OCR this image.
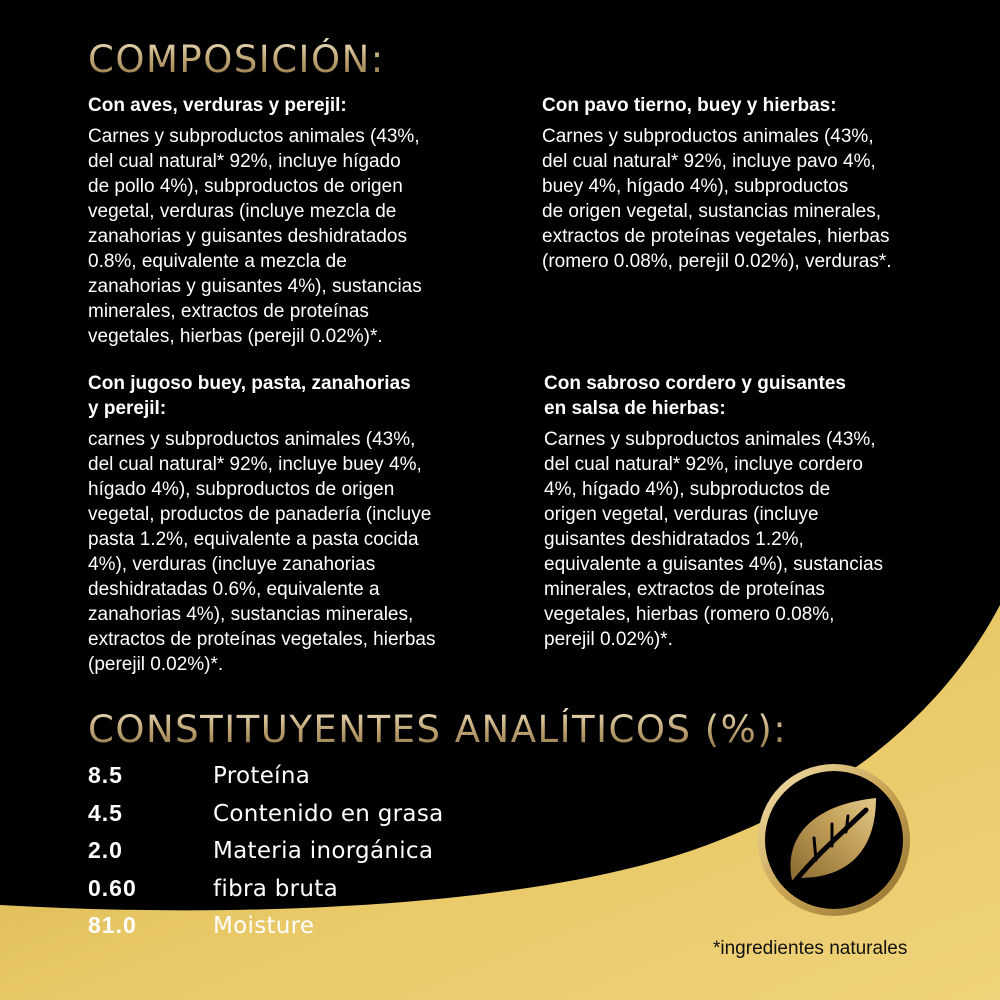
COMPOSICIÓN:
Con aves, verduras y perejil:

Carnes y subproductos animales (43%,
del cual natural* 92%, incluye hígado
de pollo 4%), subproductos de origen
vegetal, verduras (incluye mezcla de
zanahorias y guisantes deshidratados
0.8%, equivalente a mezcla de
zanahorias y guisantes 4%), sustancias
minerales, extractos de proteínas
vegetales, hierbas (perejil 0.02%)*.

Con pavo tierno, buey y hierbas:

Carnes y subproductos animales (43%,
del cual natural* 92%, incluye pavo 4%,
buey 4%, hígado 4%), subproductos
de origen vegetal, sustancias minerales,
extractos de proteínas vegetales, hierbas
(romero 0.08%, perejil 0.02%), verduras*.

Con jugoso buey, pasta, zanahorias
y perejil:

carnes y subproductos animales (43%,
del cual natural* 92%, incluye buey 4%,
hígado 4%), subproductos de origen
vegetal, productos de panadería (incluye
pasta 1.2%, equivalente a pasta cocida
4%), verduras (incluye zanahorias
deshidratadas 0.6%, equivalente a
zanahorias 4%), sustancias minerales,
extractos de proteínas vegetales, hierbas
(perejil 0.02%)*.

Con sabroso cordero y guisantes
en salsa de hierbas:

Carnes y subproductos animales (43%,
del cual natural* 92%, incluye cordero
4%, hígado 4%), subproductos de
origen vegetal, verduras (incluye
guisantes deshidratados 1.2%,
equivalente a guisantes 4%), sustancias
minerales, extractos de proteínas
vegetales, hierbas (romero 0.08%,
perejil 0.02%)*.

CONSTITUYENTES ANALÍTICOS (%):
8.5	Proteína
4.5	Contenido en grasa
2.0	Materia inorgánica
0.60	fibra bruta
81.0	Moisture
*ingredientes naturales
